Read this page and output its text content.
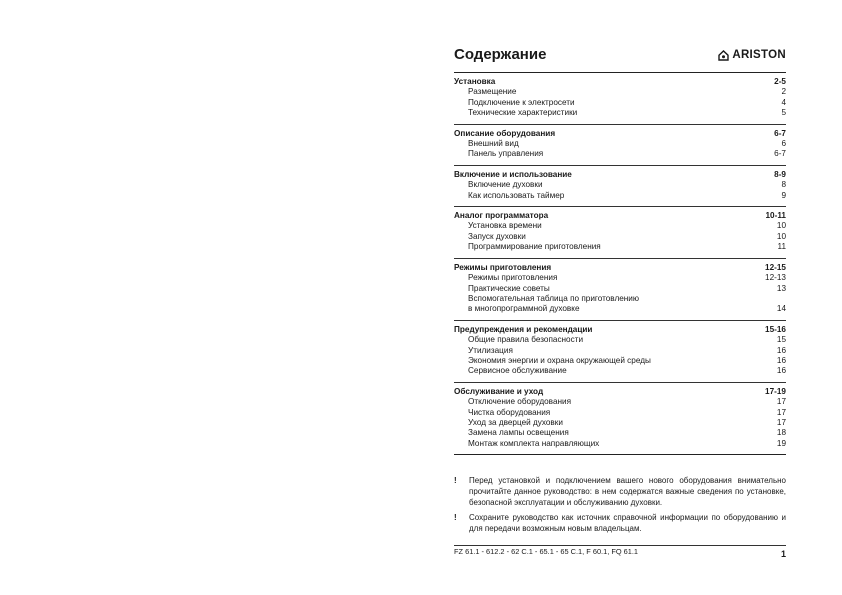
Содержание	ARISTON
Установка	2-5
Размещение	2
Подключение к электросети	4
Технические характеристики	5
Описание оборудования	6-7
Внешний вид	6
Панель управления	6-7
Включение и использование	8-9
Включение духовки	8
Как использовать таймер	9
Аналог программатора	10-11
Установка времени	10
Запуск духовки	10
Программирование приготовления	11
Режимы приготовления	12-15
Режимы приготовления	12-13
Практические советы	13
Вспомогательная таблица по приготовлению
в многопрограммной духовке	14
Предупреждения и рекомендации	15-16
Общие правила безопасности	15
Утилизация	16
Экономия энергии и охрана окружающей среды	16
Сервисное обслуживание	16
Обслуживание и уход	17-19
Отключение оборудования	17
Чистка оборудования	17
Уход за дверцей духовки	17
Замена лампы освещения	18
Монтаж комплекта направляющих	19
!	Перед установкой и подключением вашего нового оборудования внимательно прочитайте данное руководство: в нем содержатся важные сведения по установке, безопасной эксплуатации и обслуживанию духовки.
!	Сохраните руководство как источник справочной информации по оборудованию и для передачи возможным новым владельцам.
FZ 61.1 - 612.2 - 62 C.1 - 65.1 - 65 C.1, F 60.1, FQ 61.1	1
